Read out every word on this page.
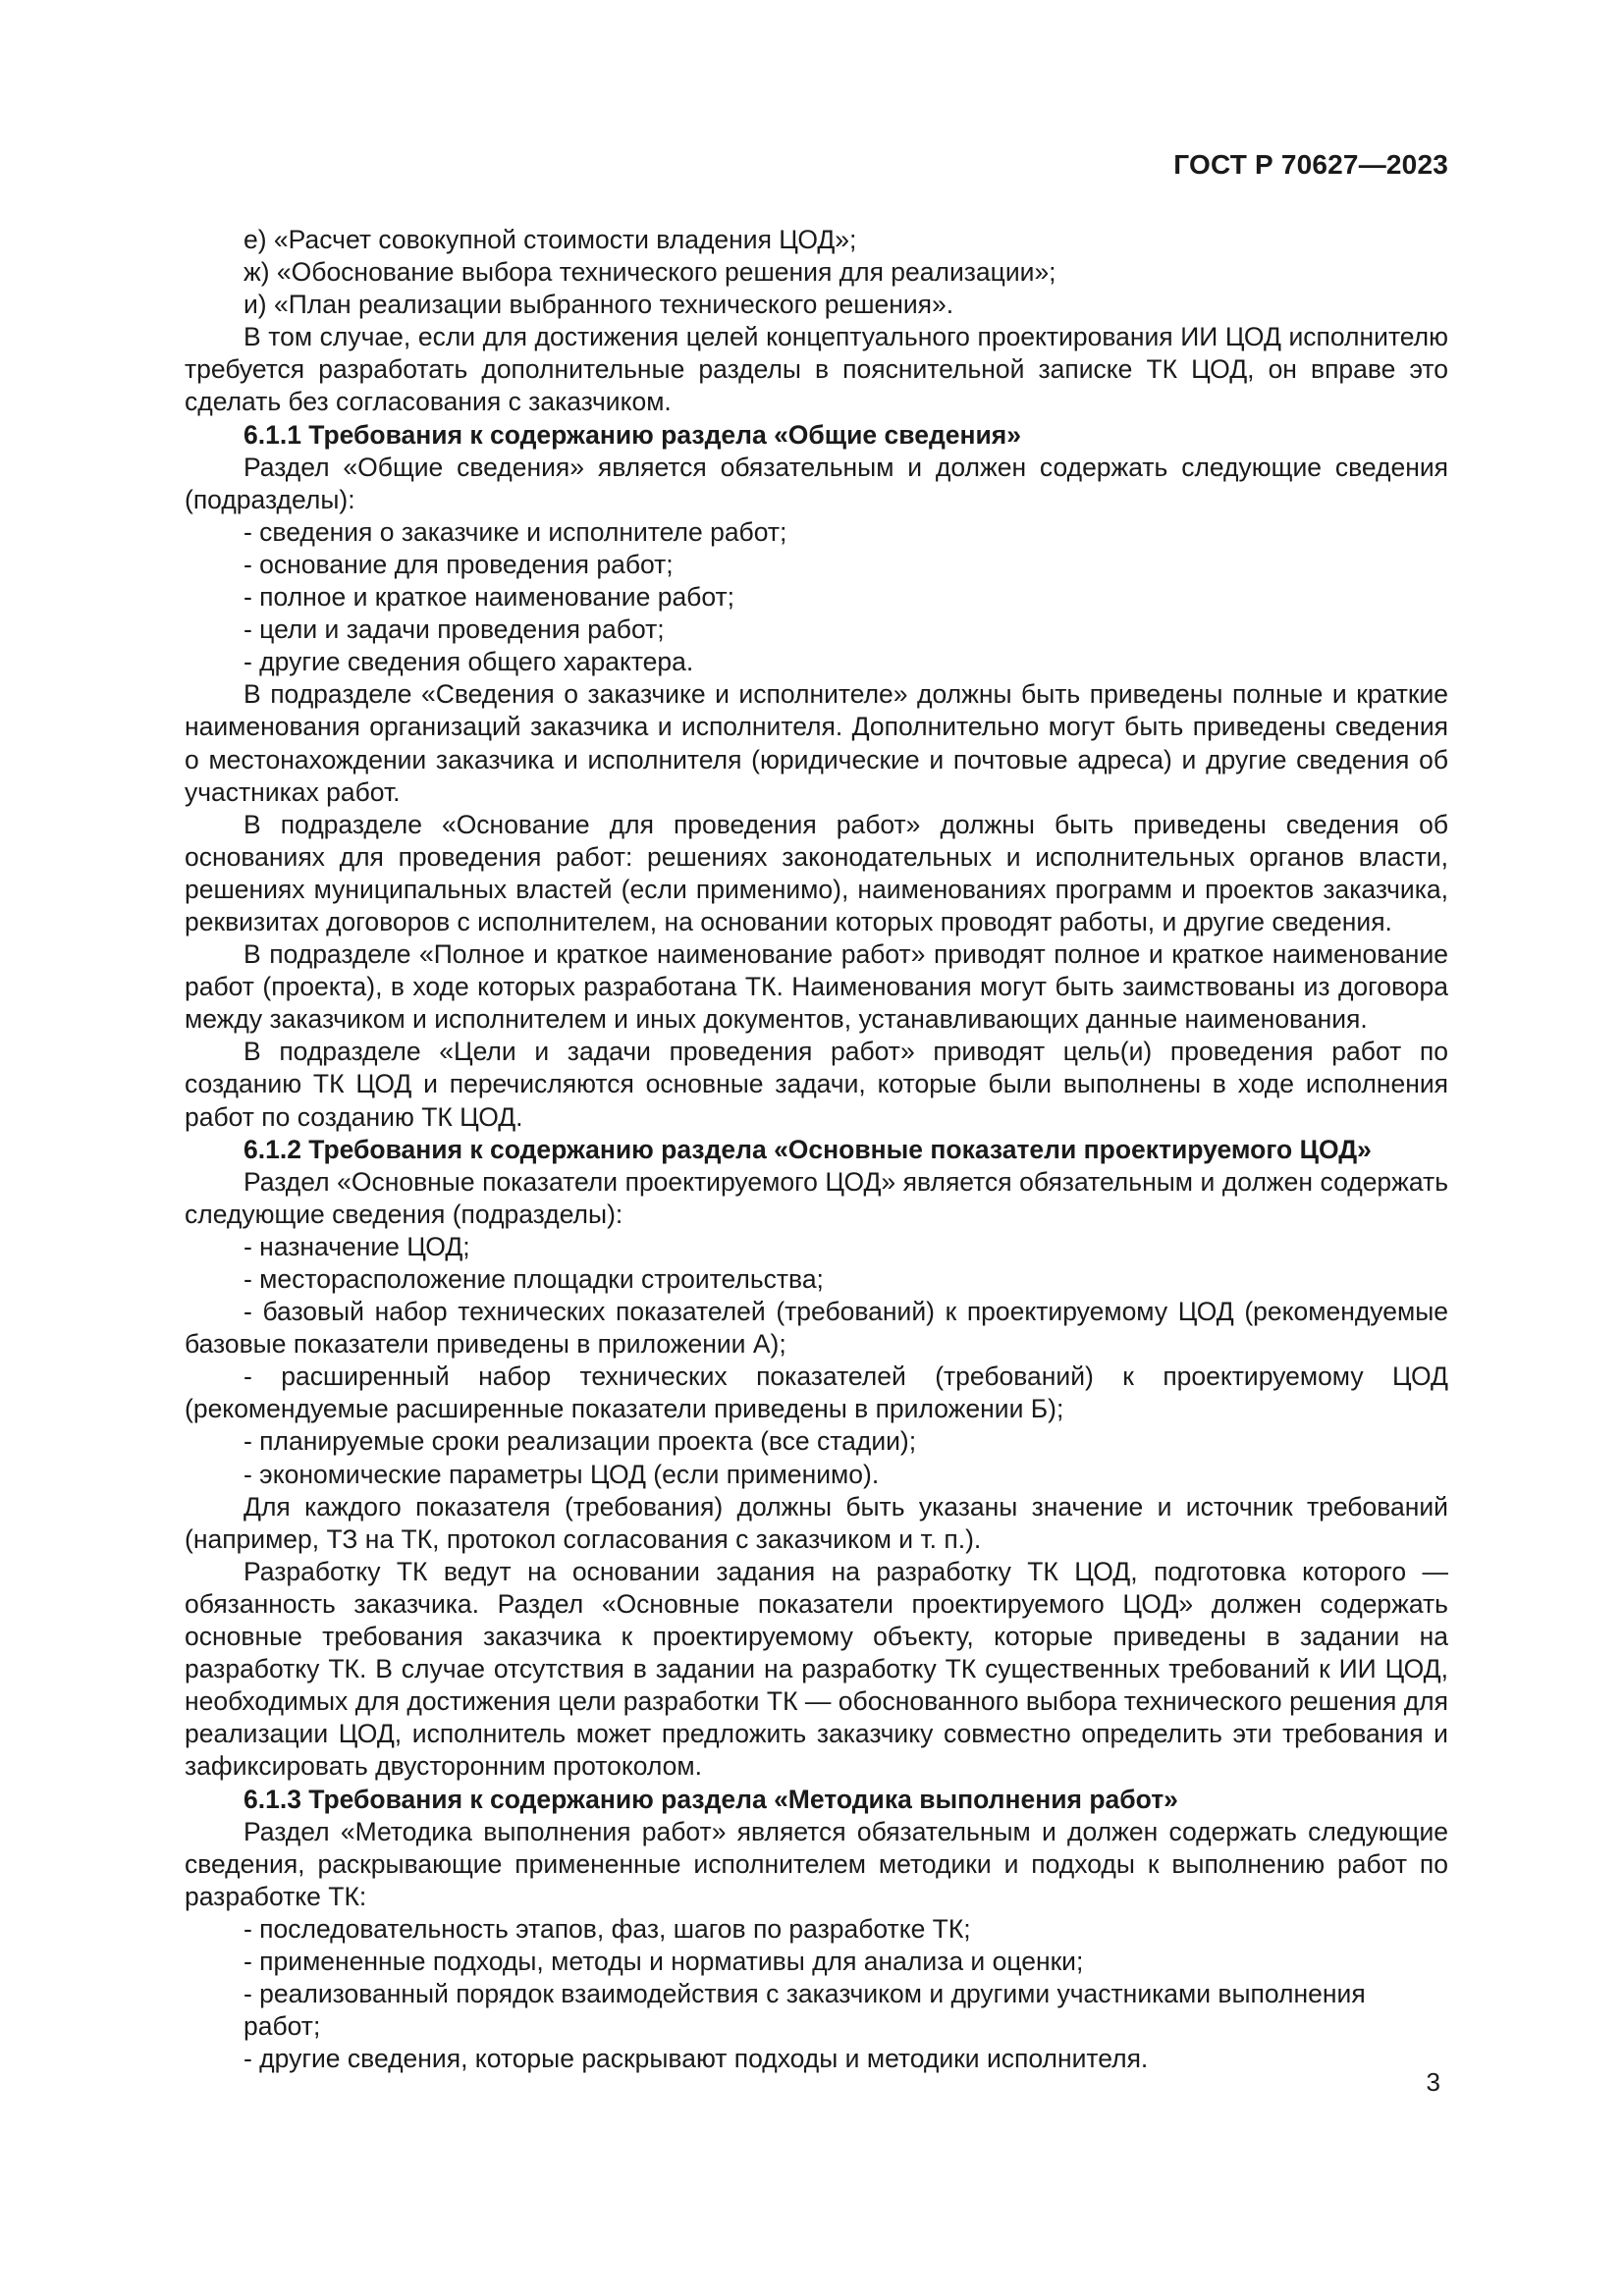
ГОСТ Р 70627—2023

е) «Расчет совокупной стоимости владения ЦОД»;

ж) «Обоснование выбора технического решения для реализации»;

и) «План реализации выбранного технического решения».

В том случае, если для достижения целей концептуального проектирования ИИ ЦОД исполнителю требуется разработать дополнительные разделы в пояснительной записке ТК ЦОД, он вправе это сделать без согласования с заказчиком.

6.1.1 Требования к содержанию раздела «Общие сведения»

Раздел «Общие сведения» является обязательным и должен содержать следующие сведения (подразделы):

- сведения о заказчике и исполнителе работ;

- основание для проведения работ;

- полное и краткое наименование работ;

- цели и задачи проведения работ;

- другие сведения общего характера.

В подразделе «Сведения о заказчике и исполнителе» должны быть приведены полные и краткие наименования организаций заказчика и исполнителя. Дополнительно могут быть приведены сведения о местонахождении заказчика и исполнителя (юридические и почтовые адреса) и другие сведения об участниках работ.

В подразделе «Основание для проведения работ» должны быть приведены сведения об основаниях для проведения работ: решениях законодательных и исполнительных органов власти, решениях муниципальных властей (если применимо), наименованиях программ и проектов заказчика, реквизитах договоров с исполнителем, на основании которых проводят работы, и другие сведения.

В подразделе «Полное и краткое наименование работ» приводят полное и краткое наименование работ (проекта), в ходе которых разработана ТК. Наименования могут быть заимствованы из договора между заказчиком и исполнителем и иных документов, устанавливающих данные наименования.

В подразделе «Цели и задачи проведения работ» приводят цель(и) проведения работ по созданию ТК ЦОД и перечисляются основные задачи, которые были выполнены в ходе исполнения работ по созданию ТК ЦОД.

6.1.2 Требования к содержанию раздела «Основные показатели проектируемого ЦОД»

Раздел «Основные показатели проектируемого ЦОД» является обязательным и должен содержать следующие сведения (подразделы):

- назначение ЦОД;

- месторасположение площадки строительства;

- базовый набор технических показателей (требований) к проектируемому ЦОД (рекомендуемые базовые показатели приведены в приложении А);

- расширенный набор технических показателей (требований) к проектируемому ЦОД (рекомендуемые расширенные показатели приведены в приложении Б);

- планируемые сроки реализации проекта (все стадии);

- экономические параметры ЦОД (если применимо).

Для каждого показателя (требования) должны быть указаны значение и источник требований (например, ТЗ на ТК, протокол согласования с заказчиком и т. п.).

Разработку ТК ведут на основании задания на разработку ТК ЦОД, подготовка которого — обязанность заказчика. Раздел «Основные показатели проектируемого ЦОД» должен содержать основные требования заказчика к проектируемому объекту, которые приведены в задании на разработку ТК. В случае отсутствия в задании на разработку ТК существенных требований к ИИ ЦОД, необходимых для достижения цели разработки ТК — обоснованного выбора технического решения для реализации ЦОД, исполнитель может предложить заказчику совместно определить эти требования и зафиксировать двусторонним протоколом.

6.1.3 Требования к содержанию раздела «Методика выполнения работ»

Раздел «Методика выполнения работ» является обязательным и должен содержать следующие сведения, раскрывающие примененные исполнителем методики и подходы к выполнению работ по разработке ТК:

- последовательность этапов, фаз, шагов по разработке ТК;

- примененные подходы, методы и нормативы для анализа и оценки;

- реализованный порядок взаимодействия с заказчиком и другими участниками выполнения работ;

- другие сведения, которые раскрывают подходы и методики исполнителя.

3
